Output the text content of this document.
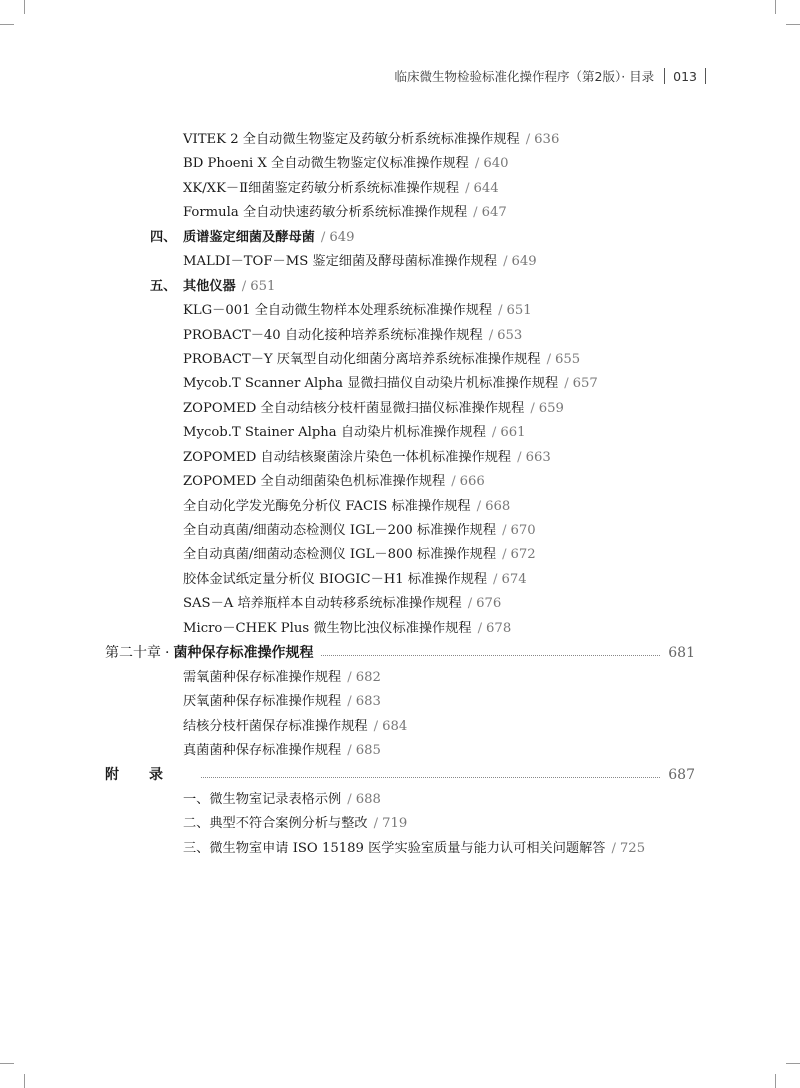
临床微生物检验标准化操作程序（第2版）· 目录 013
VITEK 2 全自动微生物鉴定及药敏分析系统标准操作规程 / 636
BD Phoeni X 全自动微生物鉴定仪标准操作规程 / 640
XK/XK－Ⅱ细菌鉴定药敏分析系统标准操作规程 / 644
Formula 全自动快速药敏分析系统标准操作规程 / 647
四、 质谱鉴定细菌及酵母菌 / 649
MALDI－TOF－MS 鉴定细菌及酵母菌标准操作规程 / 649
五、 其他仪器 / 651
KLG－001 全自动微生物样本处理系统标准操作规程 / 651
PROBACT－40 自动化接种培养系统标准操作规程 / 653
PROBACT－Y 厌氧型自动化细菌分离培养系统标准操作规程 / 655
Mycob.T Scanner Alpha 显微扫描仪自动染片机标准操作规程 / 657
ZOPOMED 全自动结核分枝杆菌显微扫描仪标准操作规程 / 659
Mycob.T Stainer Alpha 自动染片机标准操作规程 / 661
ZOPOMED 自动结核聚菌涂片染色一体机标准操作规程 / 663
ZOPOMED 全自动细菌染色机标准操作规程 / 666
全自动化学发光酶免分析仪 FACIS 标准操作规程 / 668
全自动真菌/细菌动态检测仪 IGL－200 标准操作规程 / 670
全自动真菌/细菌动态检测仪 IGL－800 标准操作规程 / 672
胶体金试纸定量分析仪 BIOGIC－H1 标准操作规程 / 674
SAS－A 培养瓶样本自动转移系统标准操作规程 / 676
Micro－CHEK Plus 微生物比浊仪标准操作规程 / 678
第二十章 · 菌种保存标准操作规程	681
需氧菌种保存标准操作规程 / 682
厌氧菌种保存标准操作规程 / 683
结核分枝杆菌保存标准操作规程 / 684
真菌菌种保存标准操作规程 / 685
附录	687
一、微生物室记录表格示例 / 688
二、典型不符合案例分析与整改 / 719
三、微生物室申请 ISO 15189 医学实验室质量与能力认可相关问题解答 / 725
